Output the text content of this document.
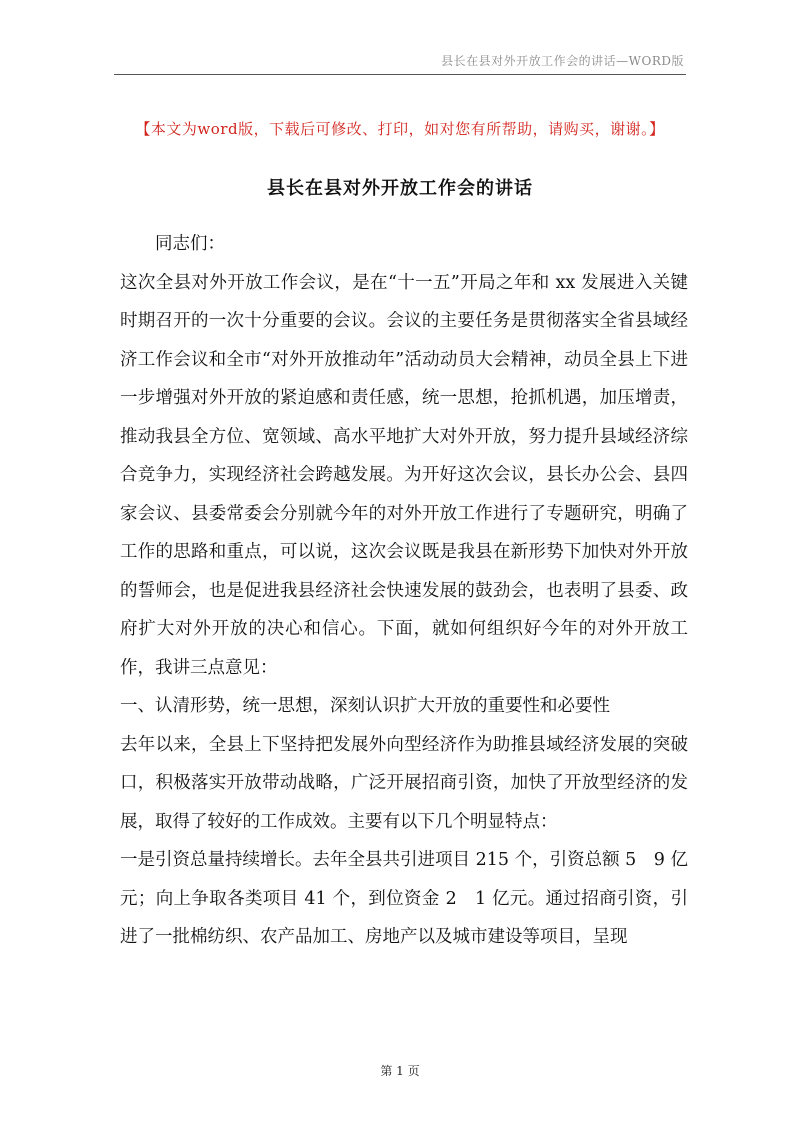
县长在县对外开放工作会的讲话—WORD版
【本文为word版，下载后可修改、打印，如对您有所帮助，请购买，谢谢。】
县长在县对外开放工作会的讲话

同志们：

这次全县对外开放工作会议，是在“十一五”开局之年和 xx 发展进入关键时期召开的一次十分重要的会议。会议的主要任务是贯彻落实全省县域经济工作会议和全市“对外开放推动年”活动动员大会精神，动员全县上下进一步增强对外开放的紧迫感和责任感，统一思想，抢抓机遇，加压增责，推动我县全方位、宽领域、高水平地扩大对外开放，努力提升县域经济综合竞争力，实现经济社会跨越发展。为开好这次会议，县长办公会、县四家会议、县委常委会分别就今年的对外开放工作进行了专题研究，明确了工作的思路和重点，可以说，这次会议既是我县在新形势下加快对外开放的誓师会，也是促进我县经济社会快速发展的鼓劲会，也表明了县委、政府扩大对外开放的决心和信心。下面，就如何组织好今年的对外开放工作，我讲三点意见：

一、认清形势，统一思想，深刻认识扩大开放的重要性和必要性

去年以来，全县上下坚持把发展外向型经济作为助推县域经济发展的突破口，积极落实开放带动战略，广泛开展招商引资，加快了开放型经济的发展，取得了较好的工作成效。主要有以下几个明显特点：

一是引资总量持续增长。去年全县共引进项目 215 个，引资总额 5　9 亿元；向上争取各类项目 41 个，到位资金 2　1 亿元。通过招商引资，引进了一批棉纺织、农产品加工、房地产以及城市建设等项目，呈现

第 1 页
